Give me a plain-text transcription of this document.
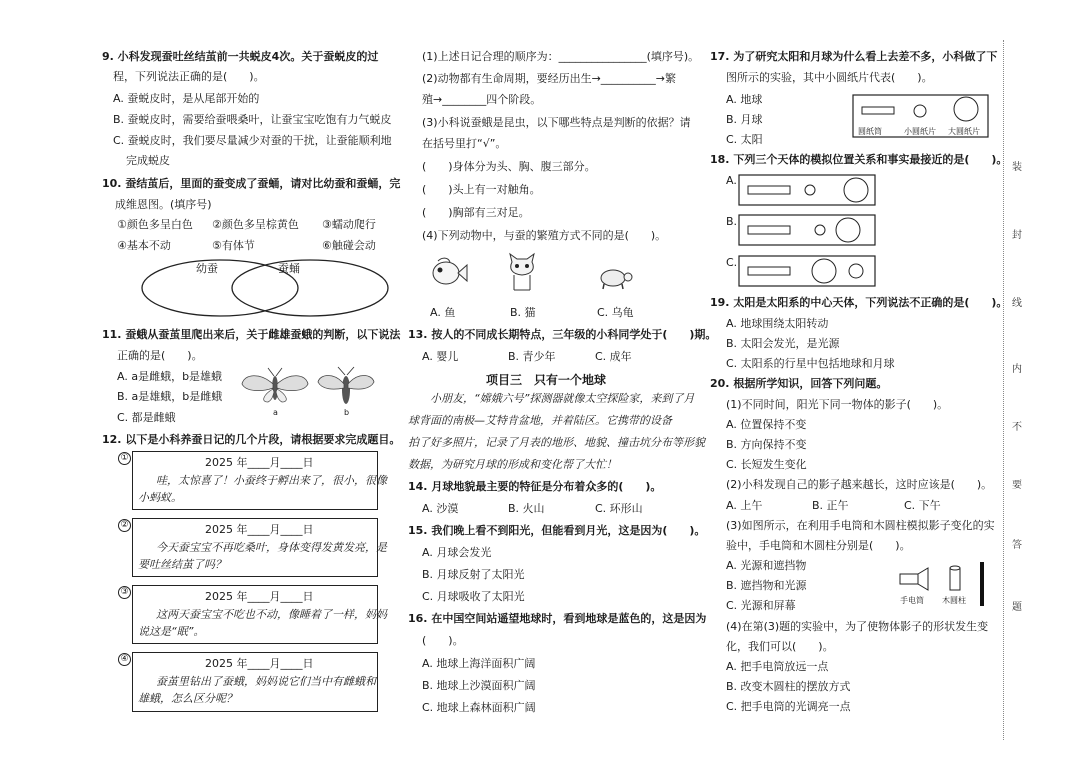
9. 小科发现蚕吐丝结茧前一共蜕皮4次。关于蚕蜕皮的过
程，下列说法正确的是(　　)。
A. 蚕蜕皮时，是从尾部开始的
B. 蚕蜕皮时，需要给蚕喂桑叶，让蚕宝宝吃饱有力气蜕皮
C. 蚕蜕皮时，我们要尽量减少对蚕的干扰，让蚕能顺利地
完成蜕皮
10. 蚕结茧后，里面的蚕变成了蚕蛹，请对比幼蚕和蚕蛹，完
成维恩图。(填序号)
①颜色多呈白色 ②颜色多呈棕黄色 ③蠕动爬行
④基本不动	⑤有体节	⑥触碰会动
幼蚕	蚕蛹
11. 蚕蛾从蚕茧里爬出来后，关于雌雄蚕蛾的判断，以下说法
正确的是(　　)。
A. a是雌蛾，b是雄蛾
B. a是雄蛾，b是雌蛾
C. 都是雌蛾	a	b
12. 以下是小科养蚕日记的几个片段，请根据要求完成题目。
①	2025 年____月____日
哇，太惊喜了！小蚕终于孵出来了，很小，很像
小蚂蚁。
②	2025 年____月____日
今天蚕宝宝不再吃桑叶，身体变得发黄发亮，是
要吐丝结茧了吗？
③	2025 年____月____日
这两天蚕宝宝不吃也不动，像睡着了一样，妈妈
说这是“眠”。
④	2025 年____月____日
蚕茧里钻出了蚕蛾，妈妈说它们当中有雌蛾和
雄蛾，怎么区分呢？
(1)上述日记合理的顺序为：________________(填序号)。
(2)动物都有生命周期，要经历出生→__________→繁
殖→________四个阶段。
(3)小科说蚕蛾是昆虫，以下哪些特点是判断的依据？请
在括号里打“√”。
(　　)身体分为头、胸、腹三部分。
(　　)头上有一对触角。
(　　)胸部有三对足。
(4)下列动物中，与蚕的繁殖方式不同的是(　　)。
A. 鱼	B. 猫	C. 乌龟
13. 按人的不同成长期特点，三年级的小科同学处于(　　)期。
A. 婴儿	B. 青少年	C. 成年
项目三　只有一个地球
小朋友，“嫦娥六号”探测器就像太空探险家，来到了月
球背面的南极—艾特肯盆地，并着陆区。它携带的设备
拍了好多照片，记录了月表的地形、地貌、撞击坑分布等形貌
数据，为研究月球的形成和变化帮了大忙！
14. 月球地貌最主要的特征是分布着众多的(　　)。
A. 沙漠	B. 火山	C. 环形山
15. 我们晚上看不到阳光，但能看到月光，这是因为(　　)。
A. 月球会发光
B. 月球反射了太阳光
C. 月球吸收了太阳光
16. 在中国空间站遥望地球时，看到地球是蓝色的，这是因为
(　　)。
A. 地球上海洋面积广阔
B. 地球上沙漠面积广阔
C. 地球上森林面积广阔
17. 为了研究太阳和月球为什么看上去差不多，小科做了下
图所示的实验，其中小圆纸片代表(　　)。
A. 地球
B. 月球
C. 太阳
圆纸筒	小圆纸片 大圆纸片
18. 下列三个天体的模拟位置关系和事实最接近的是(　　)。
A.
B.
C.
19. 太阳是太阳系的中心天体，下列说法不正确的是(　　)。
A. 地球围绕太阳转动
B. 太阳会发光，是光源
C. 太阳系的行星中包括地球和月球
20. 根据所学知识，回答下列问题。
(1)不同时间，阳光下同一物体的影子(　　)。
A. 位置保持不变
B. 方向保持不变
C. 长短发生变化
(2)小科发现自己的影子越来越长，这时应该是(　　)。
A. 上午	B. 正午	C. 下午
(3)如图所示，在利用手电筒和木圆柱模拟影子变化的实
验中，手电筒和木圆柱分别是(　　)。
A. 光源和遮挡物
B. 遮挡物和光源
C. 光源和屏幕	手电筒 木圆柱
(4)在第(3)题的实验中，为了使物体影子的形状发生变
化，我们可以(　　)。
A. 把手电筒放远一点
B. 改变木圆柱的摆放方式
C. 把手电筒的光调亮一点
装
封
线
内
不
要
答
题
